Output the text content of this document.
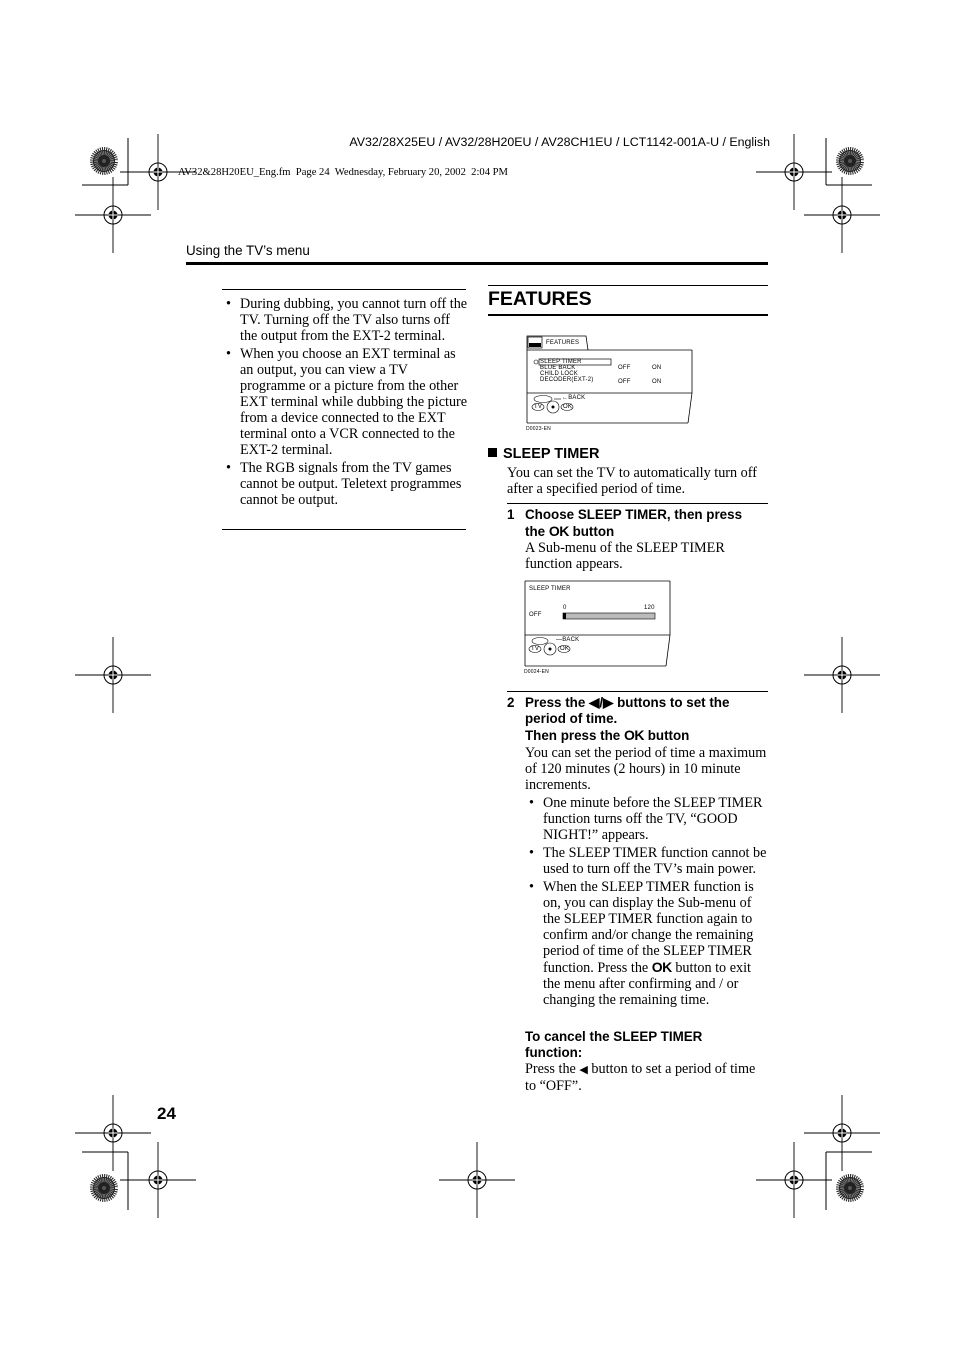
AV32/28X25EU / AV32/28H20EU / AV28CH1EU / LCT1142-001A-U / English
AV32&28H20EU_Eng.fm  Page 24  Wednesday, February 20, 2002  2:04 PM
Using the TV’s menu
• During dubbing, you cannot turn off the TV. Turning off the TV also turns off the output from the EXT-2 terminal.
• When you choose an EXT terminal as an output, you can view a TV programme or a picture from the other EXT terminal while dubbing the picture from a device connected to the EXT terminal onto a VCR connected to the EXT-2 terminal.
• The RGB signals from the TV games cannot be output. Teletext programmes cannot be output.
FEATURES
FEATURES
SLEEP TIMER
BLUE BACK
CHILD LOCK
DECODER(EXT-2)
OFF	ON
OFF	ON
←BACK
TV	OK
D0023-EN
SLEEP TIMER
You can set the TV to automatically turn off after a specified period of time.
1 Choose SLEEP TIMER, then press
the OK button
A Sub-menu of the SLEEP TIMER function appears.
SLEEP TIMER
OFF
0	120
—BACK
TV	OK
D0024-EN
2 Press the ◀/▶ buttons to set the
period of time.
Then press the OK button
You can set the period of time a maximum of 120 minutes (2 hours) in 10 minute increments.
• One minute before the SLEEP TIMER function turns off the TV, “GOOD NIGHT!” appears.
• The SLEEP TIMER function cannot be used to turn off the TV’s main power.
• When the SLEEP TIMER function is on, you can display the Sub-menu of the SLEEP TIMER function again to confirm and/or change the remaining period of time of the SLEEP TIMER function. Press the OK button to exit the menu after confirming and / or changing the remaining time.
To cancel the SLEEP TIMER function:
Press the ◀ button to set a period of time to “OFF”.
24
